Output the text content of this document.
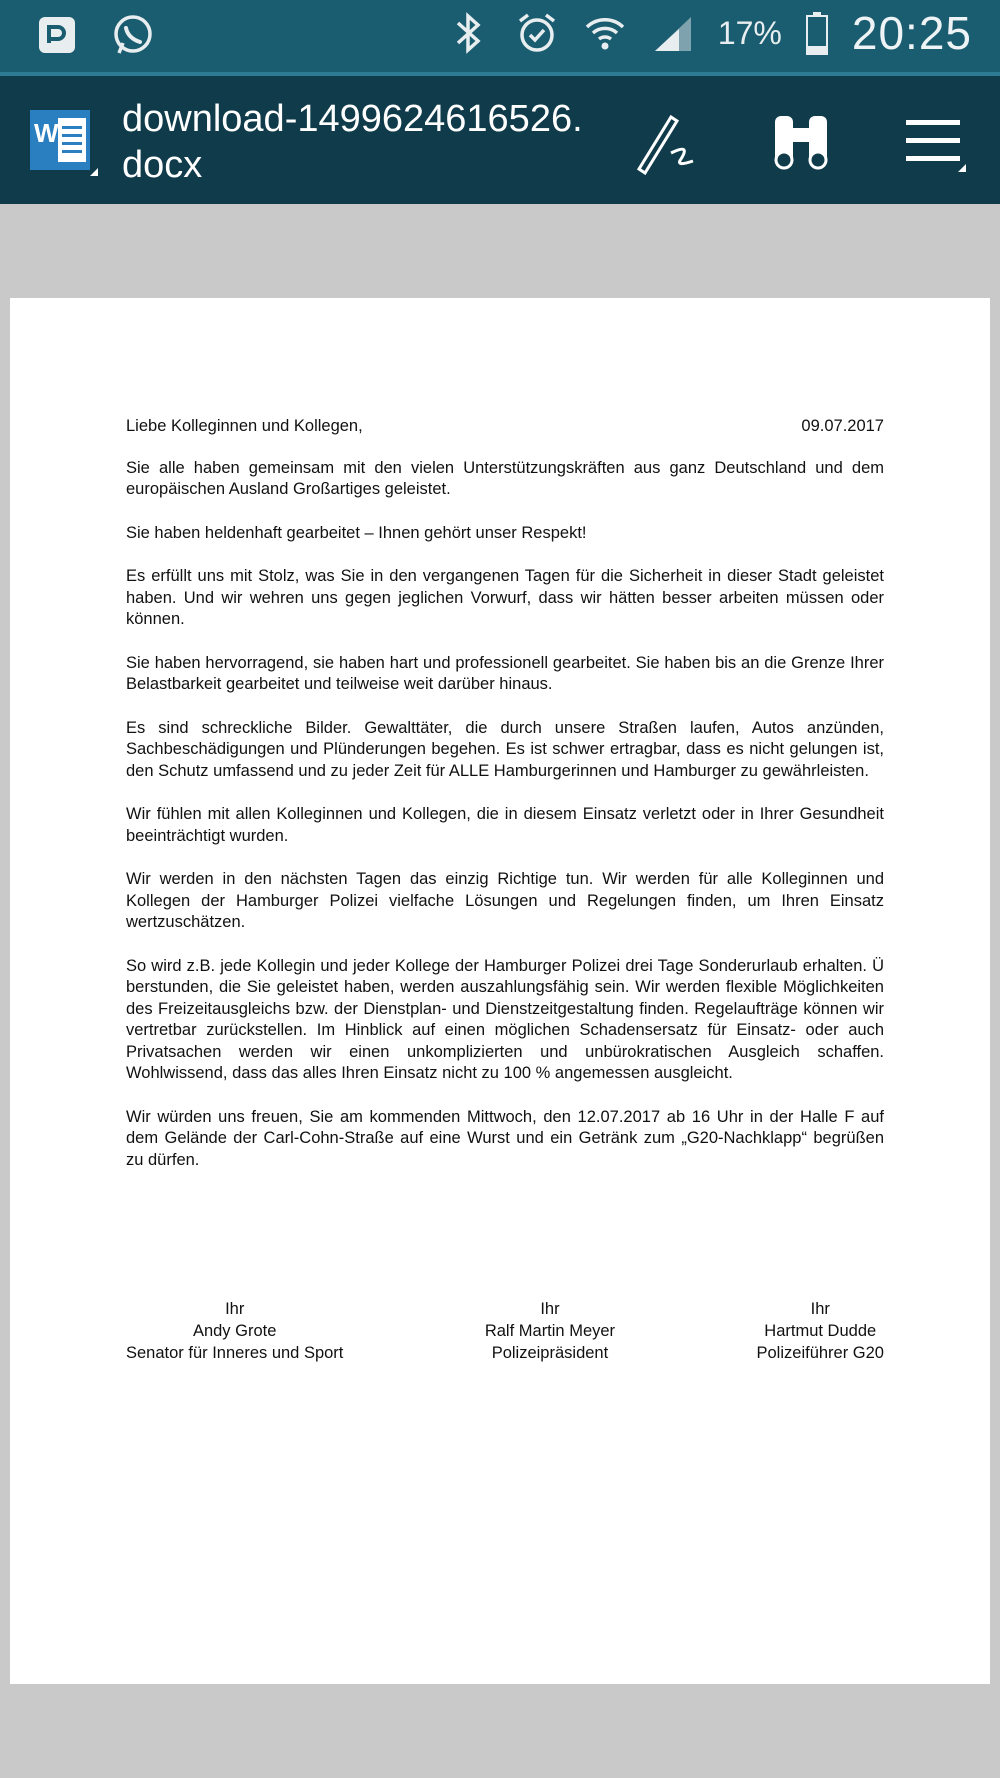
17% 20:25
W download-1499624616526.docx
Liebe Kolleginnen und Kollegen,	09.07.2017

Sie alle haben gemeinsam mit den vielen Unterstützungskräften aus ganz Deutschland und dem europäischen Ausland Großartiges geleistet.

Sie haben heldenhaft gearbeitet – Ihnen gehört unser Respekt!

Es erfüllt uns mit Stolz, was Sie in den vergangenen Tagen für die Sicherheit in dieser Stadt geleistet haben. Und wir wehren uns gegen jeglichen Vorwurf, dass wir hätten besser arbeiten müssen oder können.

Sie haben hervorragend, sie haben hart und professionell gearbeitet. Sie haben bis an die Grenze Ihrer Belastbarkeit gearbeitet und teilweise weit darüber hinaus.

Es sind schreckliche Bilder. Gewalttäter, die durch unsere Straßen laufen, Autos anzünden, Sachbeschädigungen und Plünderungen begehen. Es ist schwer ertragbar, dass es nicht gelungen ist, den Schutz umfassend und zu jeder Zeit für ALLE Hamburgerinnen und Hamburger zu gewährleisten.

Wir fühlen mit allen Kolleginnen und Kollegen, die in diesem Einsatz verletzt oder in Ihrer Gesundheit beeinträchtigt wurden.

Wir werden in den nächsten Tagen das einzig Richtige tun. Wir werden für alle Kolleginnen und Kollegen der Hamburger Polizei vielfache Lösungen und Regelungen finden, um Ihren Einsatz wertzuschätzen.

So wird z.B. jede Kollegin und jeder Kollege der Hamburger Polizei drei Tage Sonderurlaub erhalten. Ü berstunden, die Sie geleistet haben, werden auszahlungsfähig sein. Wir werden flexible Möglichkeiten des Freizeitausgleichs bzw. der Dienstplan- und Dienstzeitgestaltung finden. Regelaufträge können wir vertretbar zurückstellen. Im Hinblick auf einen möglichen Schadensersatz für Einsatz- oder auch Privatsachen werden wir einen unkomplizierten und unbürokratischen Ausgleich schaffen. Wohlwissend, dass das alles Ihren Einsatz nicht zu 100 % angemessen ausgleicht.

Wir würden uns freuen, Sie am kommenden Mittwoch, den 12.07.2017 ab 16 Uhr in der Halle F auf dem Gelände der Carl-Cohn-Straße auf eine Wurst und ein Getränk zum „G20-Nachklapp“ begrüßen zu dürfen.

Ihr
Andy Grote
Senator für Inneres und Sport
Ihr
Ralf Martin Meyer
Polizeipräsident
Ihr
Hartmut Dudde
Polizeiführer G20
